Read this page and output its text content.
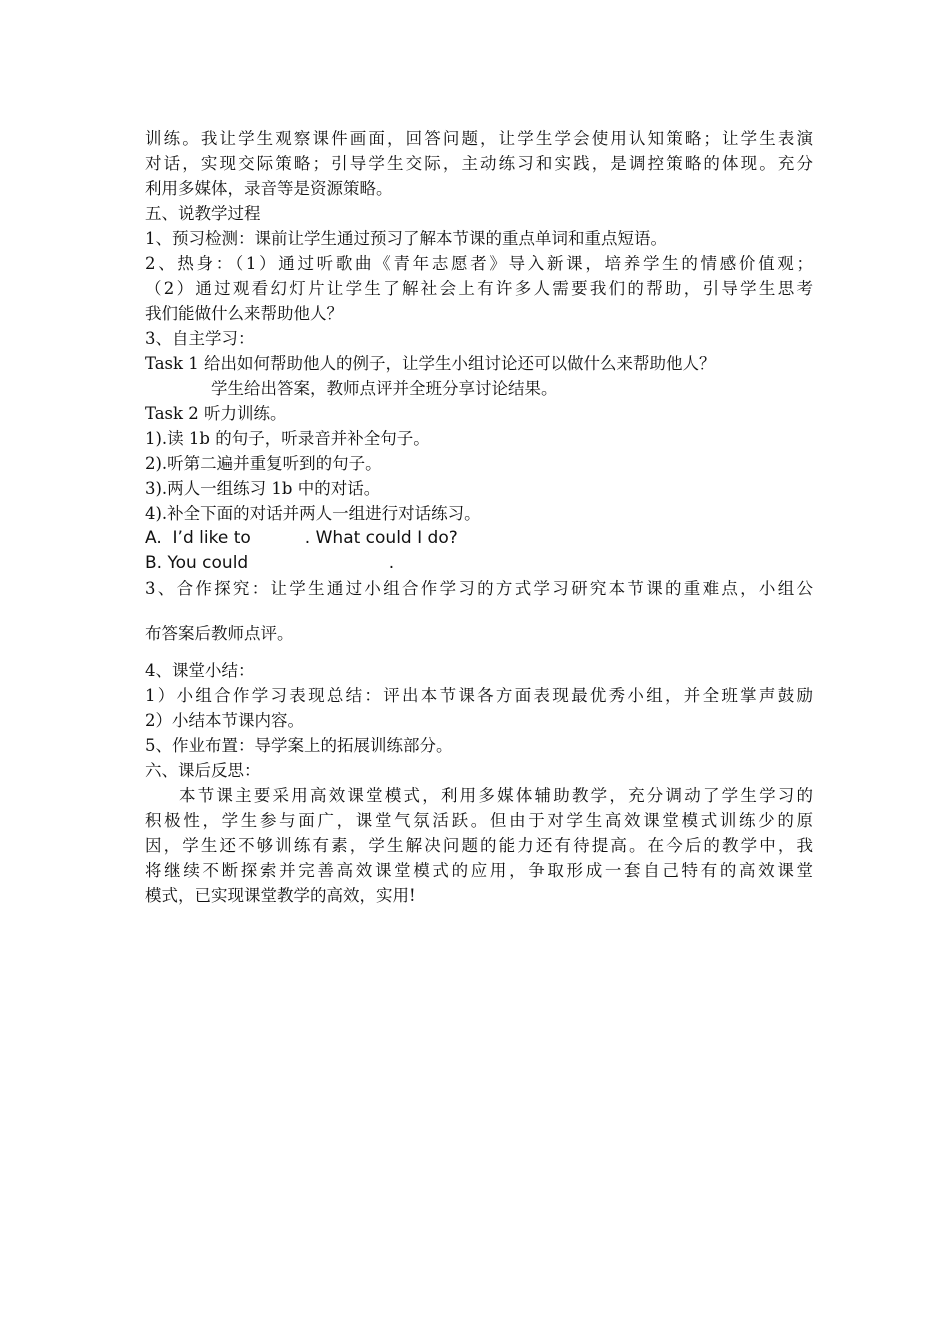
训练。我让学生观察课件画面，回答问题，让学生学会使用认知策略；让学生表演
对话，实现交际策略；引导学生交际，主动练习和实践，是调控策略的体现。充分
利用多媒体，录音等是资源策略。
五、说教学过程
1、预习检测：课前让学生通过预习了解本节课的重点单词和重点短语。
2、热身：（1）通过听歌曲《青年志愿者》导入新课，培养学生的情感价值观；
（2）通过观看幻灯片让学生了解社会上有许多人需要我们的帮助，引导学生思考
我们能做什么来帮助他人？
3、自主学习：
Task 1 给出如何帮助他人的例子，让学生小组讨论还可以做什么来帮助他人？
学生给出答案，教师点评并全班分享讨论结果。
Task 2 听力训练。
1).读 1b 的句子，听录音并补全句子。
2).听第二遍并重复听到的句子。
3).两人一组练习 1b 中的对话。
4).补全下面的对话并两人一组进行对话练习。
A.  I’d like to          . What could I do?
B. You could                          .
3、合作探究：让学生通过小组合作学习的方式学习研究本节课的重难点，小组公
布答案后教师点评。
4、课堂小结：
1）小组合作学习表现总结：评出本节课各方面表现最优秀小组，并全班掌声鼓励
2）小结本节课内容。
5、作业布置：导学案上的拓展训练部分。
六、课后反思：
本节课主要采用高效课堂模式，利用多媒体辅助教学，充分调动了学生学习的
积极性，学生参与面广，课堂气氛活跃。但由于对学生高效课堂模式训练少的原
因，学生还不够训练有素，学生解决问题的能力还有待提高。在今后的教学中，我
将继续不断探索并完善高效课堂模式的应用，争取形成一套自己特有的高效课堂
模式，已实现课堂教学的高效，实用!
